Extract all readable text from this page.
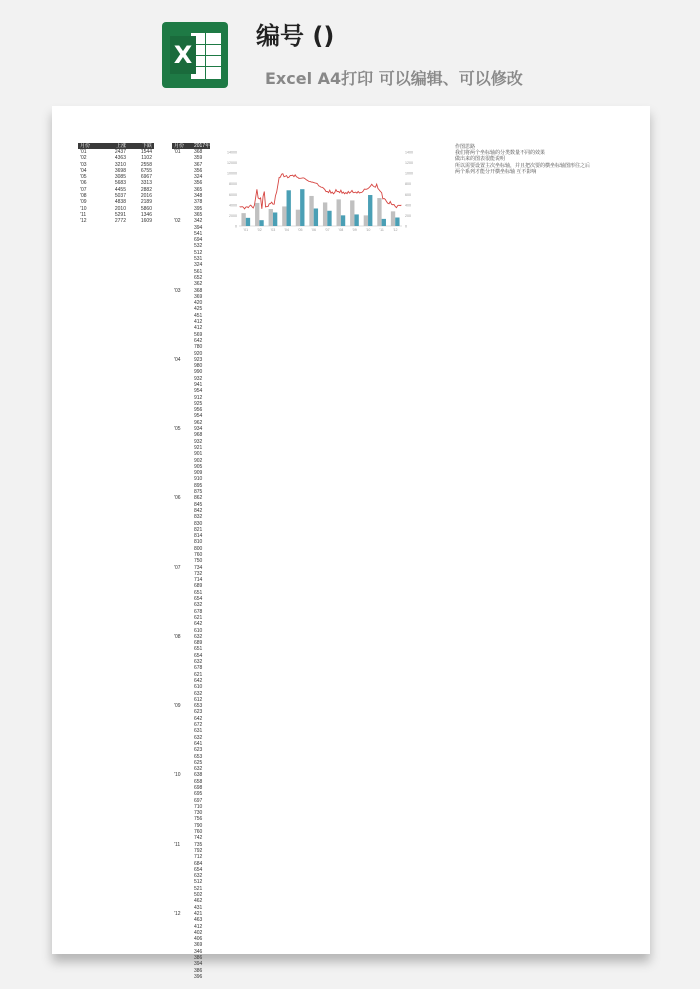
X
编号 ()
Excel A4打印 可以编辑、可以修改
月份	上涨	下跌
'01	2437	1544
'02	4363	1102
'03	3210	2558
'04	3698	6755
'05	3085	6967
'06	5683	3313
'07	4455	2882
'08	5037	2016
'09	4838	2189
'10	2010	5860
'11	5291	1346
'12	2772	1609
月份	2017年
'01	368
359
367
356
324
356
365
348
378
395
365
'02	342
394
541
694
532
512
531
324
561
652
362
'03	368
369
420
425
451
412
412
569
642
780
920
'04	923
980
990
932
941
954
912
925
956
954
962
'05	934
968
932
921
901
902
905
909
910
895
875
'06	862
845
842
832
830
821
814
810
800
760
750
'07	734
732
714
689
651
654
632
678
621
642
610
'08	632
689
651
654
632
678
621
642
610
632
612
'09	653
623
642
672
631
632
641
623
653
625
632
'10	638
658
698
695
697
710
730
756
790
760
742
'11	735
792
712
684
654
632
512
521
502
462
431
'12	421
463
412
402
406
369
346
386
394
386
396
0
2000
4000
6000
8000
10000
12000
14000
0
200
400
600
800
1000
1200
1400
'01 '02 '03 '04 '05 '06 '07 '08 '09 '10	'11	'12
作图思路
我们将两个坐标轴的分类数量不同的效果
做出来的图表很能说明
所以需要设置主次坐标轴，并且把次要的横坐标轴图形往之后
两个系列才能分开横坐标轴 互不影响
